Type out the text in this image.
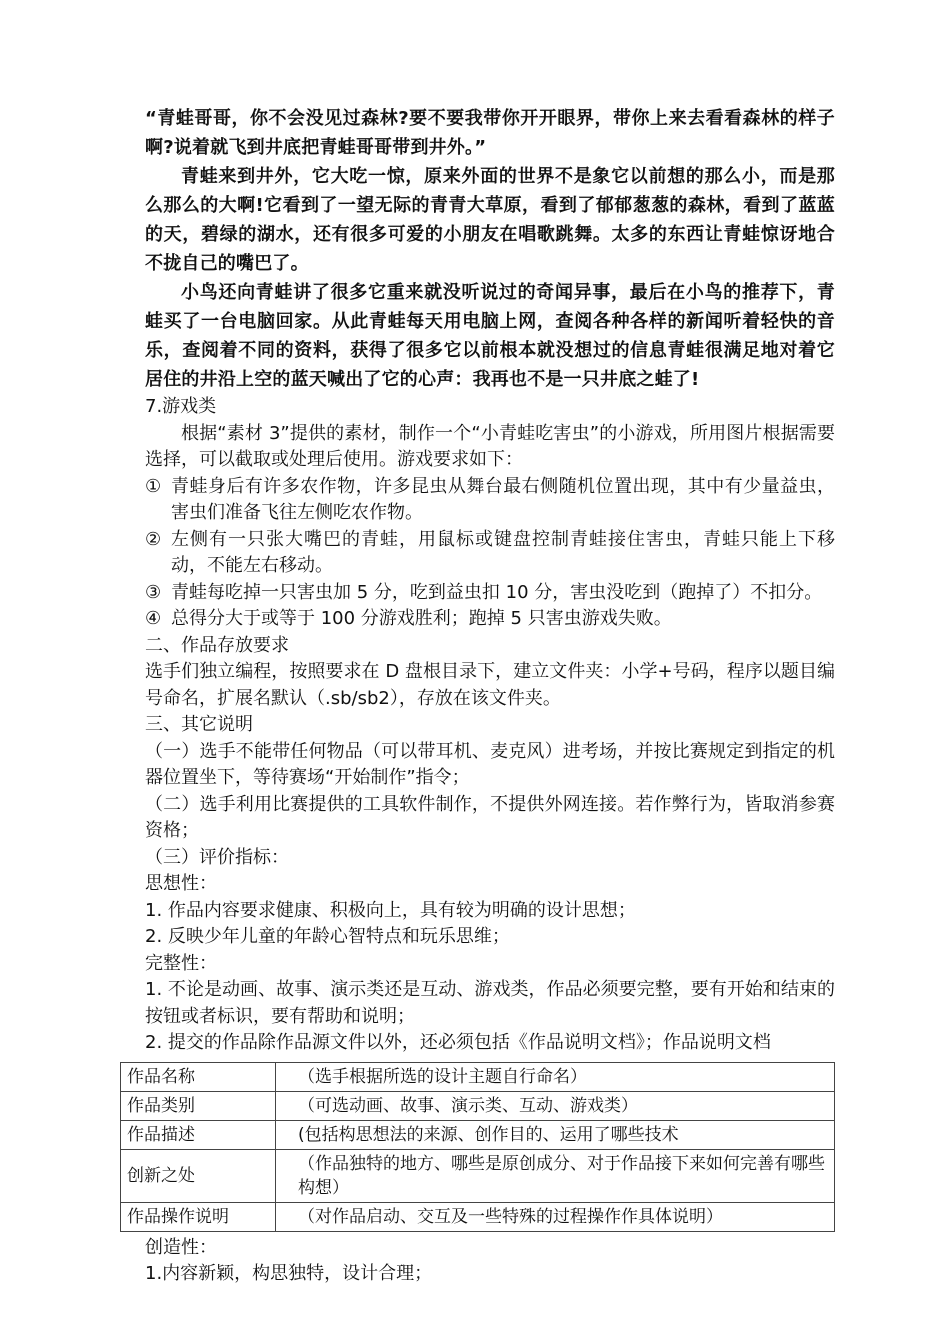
“青蛙哥哥，你不会没见过森林?要不要我带你开开眼界，带你上来去看看森林的样子啊?说着就飞到井底把青蛙哥哥带到井外。”

青蛙来到井外，它大吃一惊，原来外面的世界不是象它以前想的那么小，而是那么那么的大啊!它看到了一望无际的青青大草原，看到了郁郁葱葱的森林，看到了蓝蓝的天，碧绿的湖水，还有很多可爱的小朋友在唱歌跳舞。太多的东西让青蛙惊讶地合不拢自己的嘴巴了。

小鸟还向青蛙讲了很多它重来就没听说过的奇闻异事，最后在小鸟的推荐下，青蛙买了一台电脑回家。从此青蛙每天用电脑上网，查阅各种各样的新闻听着轻快的音乐，查阅着不同的资料，获得了很多它以前根本就没想过的信息青蛙很满足地对着它居住的井沿上空的蓝天喊出了它的心声：我再也不是一只井底之蛙了!

7.游戏类

根据“素材 3”提供的素材，制作一个“小青蛙吃害虫”的小游戏，所用图片根据需要选择，可以截取或处理后使用。游戏要求如下：

① 青蛙身后有许多农作物，许多昆虫从舞台最右侧随机位置出现，其中有少量益虫，害虫们准备飞往左侧吃农作物。
② 左侧有一只张大嘴巴的青蛙，用鼠标或键盘控制青蛙接住害虫，青蛙只能上下移动，不能左右移动。
③ 青蛙每吃掉一只害虫加 5 分，吃到益虫扣 10 分，害虫没吃到（跑掉了）不扣分。
④ 总得分大于或等于 100 分游戏胜利；跑掉 5 只害虫游戏失败。

二、作品存放要求

选手们独立编程，按照要求在 D 盘根目录下，建立文件夹：小学+号码，程序以题目编号命名，扩展名默认（.sb/sb2），存放在该文件夹。

三、其它说明

（一）选手不能带任何物品（可以带耳机、麦克风）进考场，并按比赛规定到指定的机器位置坐下，等待赛场“开始制作”指令；

（二）选手利用比赛提供的工具软件制作，不提供外网连接。若作弊行为，皆取消参赛资格；

（三）评价指标：

思想性：

1. 作品内容要求健康、积极向上，具有较为明确的设计思想；

2. 反映少年儿童的年龄心智特点和玩乐思维；

完整性：

1. 不论是动画、故事、演示类还是互动、游戏类，作品必须要完整，要有开始和结束的按钮或者标识，要有帮助和说明；

2. 提交的作品除作品源文件以外，还必须包括《作品说明文档》；作品说明文档

作品名称	（选手根据所选的设计主题自行命名）
作品类别	（可选动画、故事、演示类、互动、游戏类）
作品描述	(包括构思想法的来源、创作目的、运用了哪些技术
创新之处	（作品独特的地方、哪些是原创成分、对于作品接下来如何完善有哪些构想）
作品操作说明	（对作品启动、交互及一些特殊的过程操作作具体说明）

创造性：

1.内容新颖，构思独特，设计合理；
